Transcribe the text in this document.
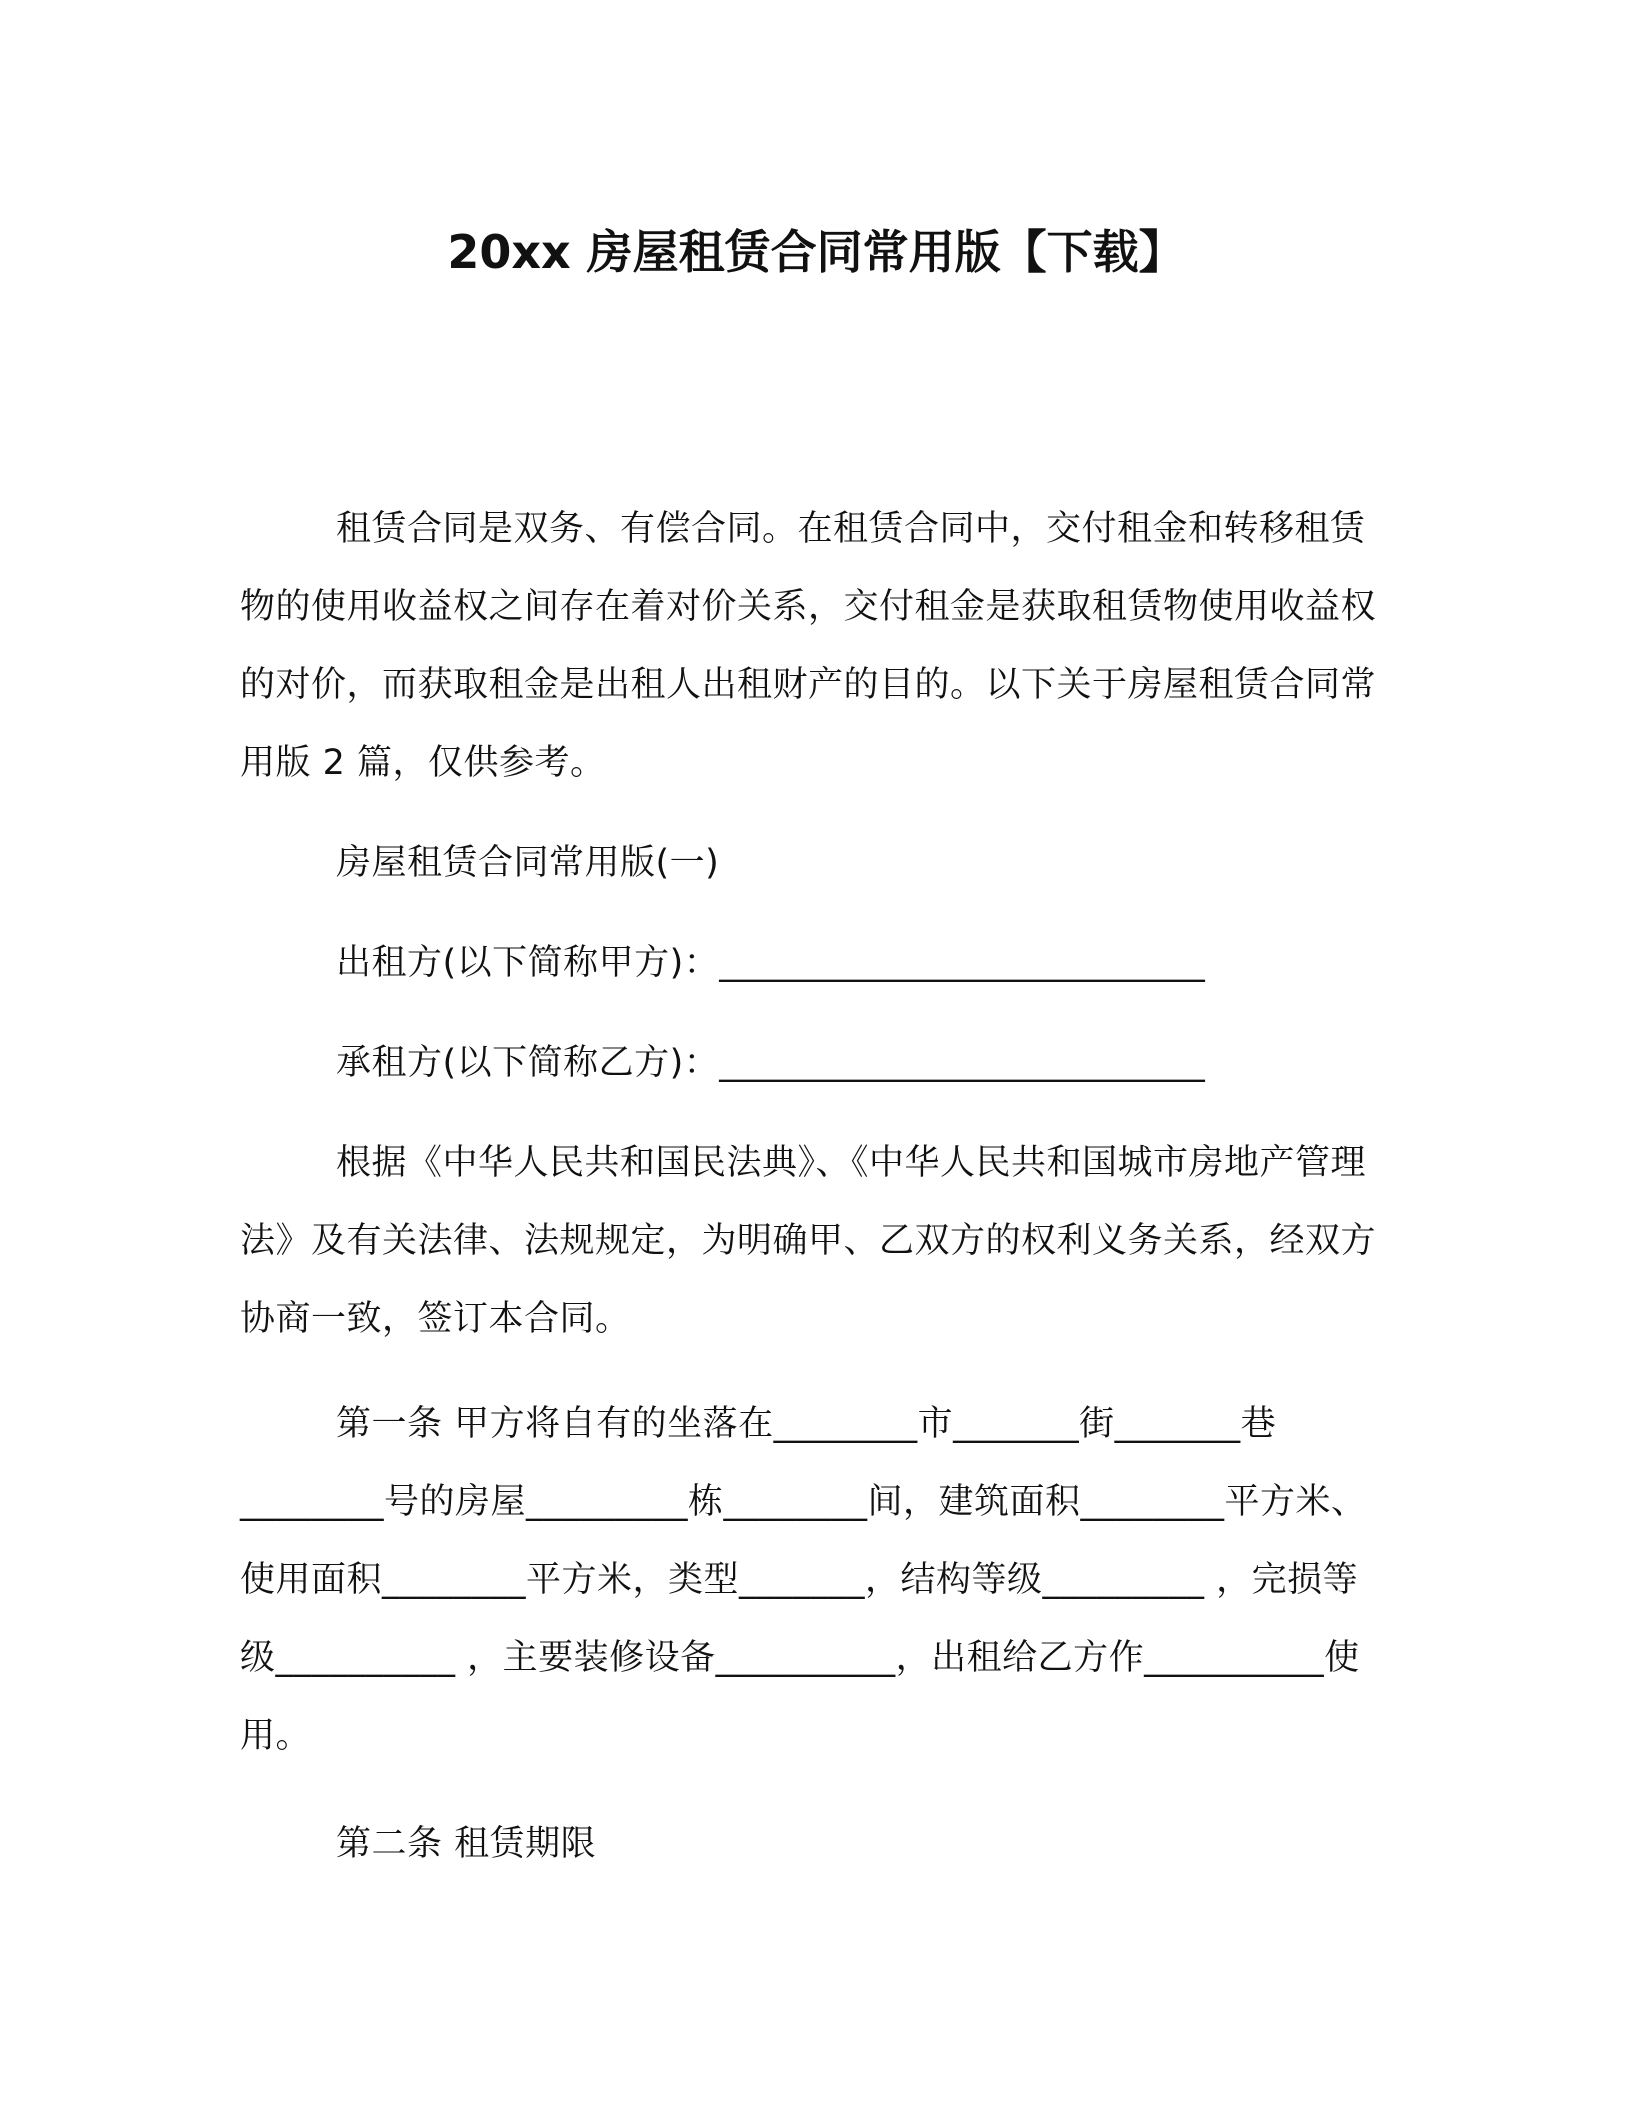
20xx 房屋租赁合同常用版【下载】

租赁合同是双务、有偿合同。在租赁合同中，交付租金和转移租赁物的使用收益权之间存在着对价关系，交付租金是获取租赁物使用收益权的对价，而获取租金是出租人出租财产的目的。以下关于房屋租赁合同常用版 2 篇，仅供参考。

房屋租赁合同常用版(一)

出租方(以下简称甲方)：___________________________

承租方(以下简称乙方)：___________________________

根据《中华人民共和国民法典》、《中华人民共和国城市房地产管理法》及有关法律、法规规定，为明确甲、乙双方的权利义务关系，经双方协商一致，签订本合同。

第一条 甲方将自有的坐落在________市_______街_______巷________号的房屋_________栋________间，建筑面积________平方米、使用面积________平方米，类型_______，结构等级_________ ，完损等级__________ ，主要装修设备__________，出租给乙方作__________使用。

第二条 租赁期限
